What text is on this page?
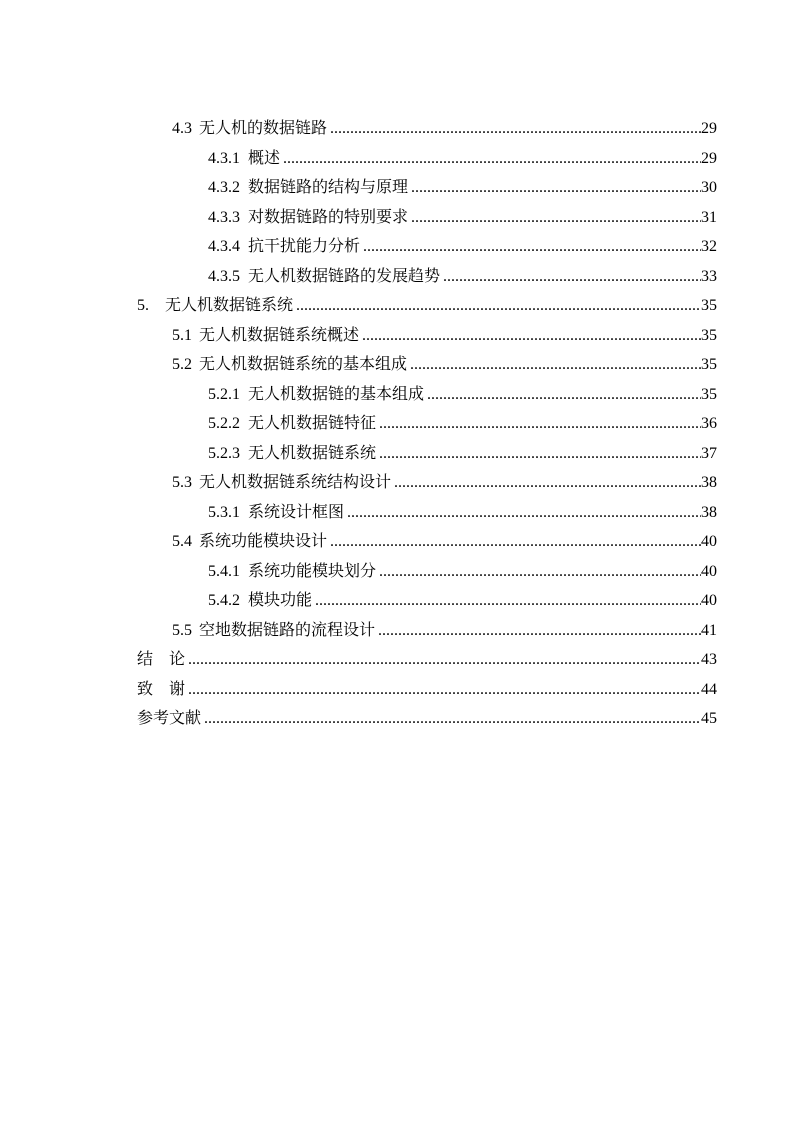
4.3 无人机的数据链路 .....	29
4.3.1 概述 .....	29
4.3.2 数据链路的结构与原理 .....	30
4.3.3 对数据链路的特别要求 .....	31
4.3.4 抗干扰能力分析 .....	32
4.3.5 无人机数据链路的发展趋势 .....	33
5.	无人机数据链系统 .....	35
5.1 无人机数据链系统概述 .....	35
5.2 无人机数据链系统的基本组成 .....	35
5.2.1 无人机数据链的基本组成 .....	35
5.2.2 无人机数据链特征 .....	36
5.2.3 无人机数据链系统 .....	37
5.3 无人机数据链系统结构设计 .....	38
5.3.1 系统设计框图 .....	38
5.4 系统功能模块设计 .....	40
5.4.1 系统功能模块划分 .....	40
5.4.2 模块功能 .....	40
5.5 空地数据链路的流程设计 .....	41
结　论 .....	43
致　谢 .....	44
参考文献 .....	45
